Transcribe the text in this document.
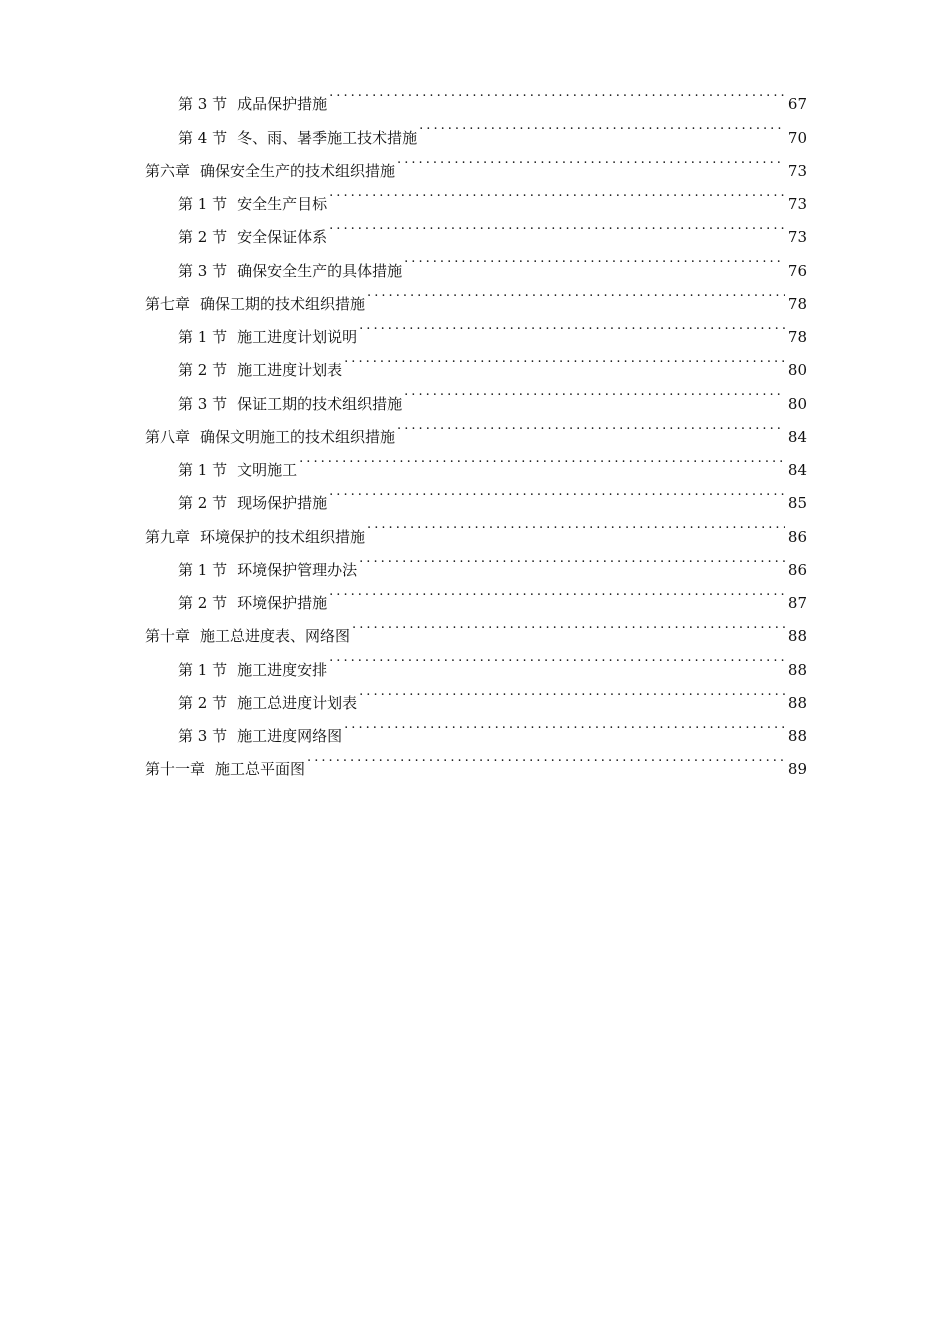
第 3 节 成品保护措施 . . .	67
第 4 节 冬、雨、暑季施工技术措施 . . .	70
第六章 确保安全生产的技术组织措施 . . .	73
第 1 节 安全生产目标 . . .	73
第 2 节 安全保证体系 . . .	73
第 3 节 确保安全生产的具体措施 . . .	76
第七章 确保工期的技术组织措施 . . .	78
第 1 节 施工进度计划说明 . . .	78
第 2 节 施工进度计划表 . . .	80
第 3 节 保证工期的技术组织措施 . . .	80
第八章 确保文明施工的技术组织措施 . . .	84
第 1 节 文明施工 . . .	84
第 2 节 现场保护措施 . . .	85
第九章 环境保护的技术组织措施 . . .	86
第 1 节 环境保护管理办法 . . .	86
第 2 节 环境保护措施 . . .	87
第十章 施工总进度表、网络图 . . .	88
第 1 节 施工进度安排 . . .	88
第 2 节 施工总进度计划表 . . .	88
第 3 节 施工进度网络图 . . .	88
第十一章 施工总平面图 . . .	89
